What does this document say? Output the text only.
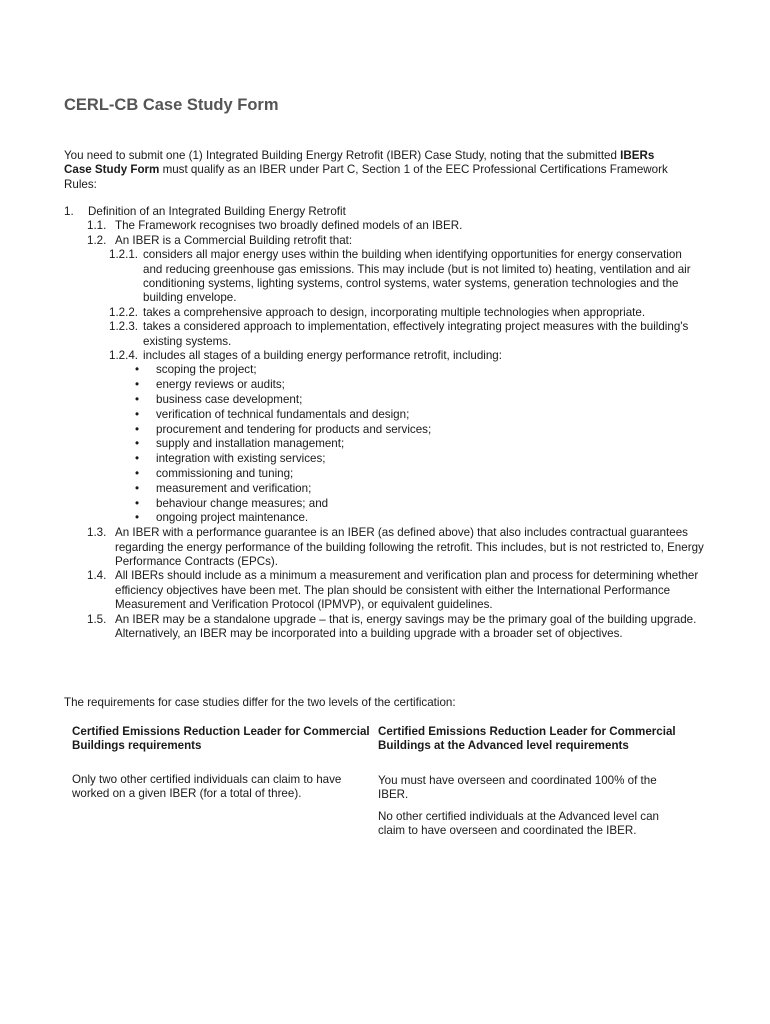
CERL-CB Case Study Form
You need to submit one (1) Integrated Building Energy Retrofit (IBER) Case Study, noting that the submitted IBERs Case Study Form must qualify as an IBER under Part C, Section 1 of the EEC Professional Certifications Framework Rules:
1. Definition of an Integrated Building Energy Retrofit
1.1. The Framework recognises two broadly defined models of an IBER.
1.2. An IBER is a Commercial Building retrofit that:
1.2.1. considers all major energy uses within the building when identifying opportunities for energy conservation and reducing greenhouse gas emissions. This may include (but is not limited to) heating, ventilation and air conditioning systems, lighting systems, control systems, water systems, generation technologies and the building envelope.
1.2.2. takes a comprehensive approach to design, incorporating multiple technologies when appropriate.
1.2.3. takes a considered approach to implementation, effectively integrating project measures with the building's existing systems.
1.2.4. includes all stages of a building energy performance retrofit, including:
• scoping the project;
• energy reviews or audits;
• business case development;
• verification of technical fundamentals and design;
• procurement and tendering for products and services;
• supply and installation management;
• integration with existing services;
• commissioning and tuning;
• measurement and verification;
• behaviour change measures; and
• ongoing project maintenance.
1.3. An IBER with a performance guarantee is an IBER (as defined above) that also includes contractual guarantees regarding the energy performance of the building following the retrofit. This includes, but is not restricted to, Energy Performance Contracts (EPCs).
1.4. All IBERs should include as a minimum a measurement and verification plan and process for determining whether efficiency objectives have been met. The plan should be consistent with either the International Performance Measurement and Verification Protocol (IPMVP), or equivalent guidelines.
1.5. An IBER may be a standalone upgrade – that is, energy savings may be the primary goal of the building upgrade. Alternatively, an IBER may be incorporated into a building upgrade with a broader set of objectives.
The requirements for case studies differ for the two levels of the certification:
Certified Emissions Reduction Leader for Commercial Buildings requirements

Only two other certified individuals can claim to have worked on a given IBER (for a total of three).

Certified Emissions Reduction Leader for Commercial Buildings at the Advanced level requirements

You must have overseen and coordinated 100% of the IBER.

No other certified individuals at the Advanced level can claim to have overseen and coordinated the IBER.
